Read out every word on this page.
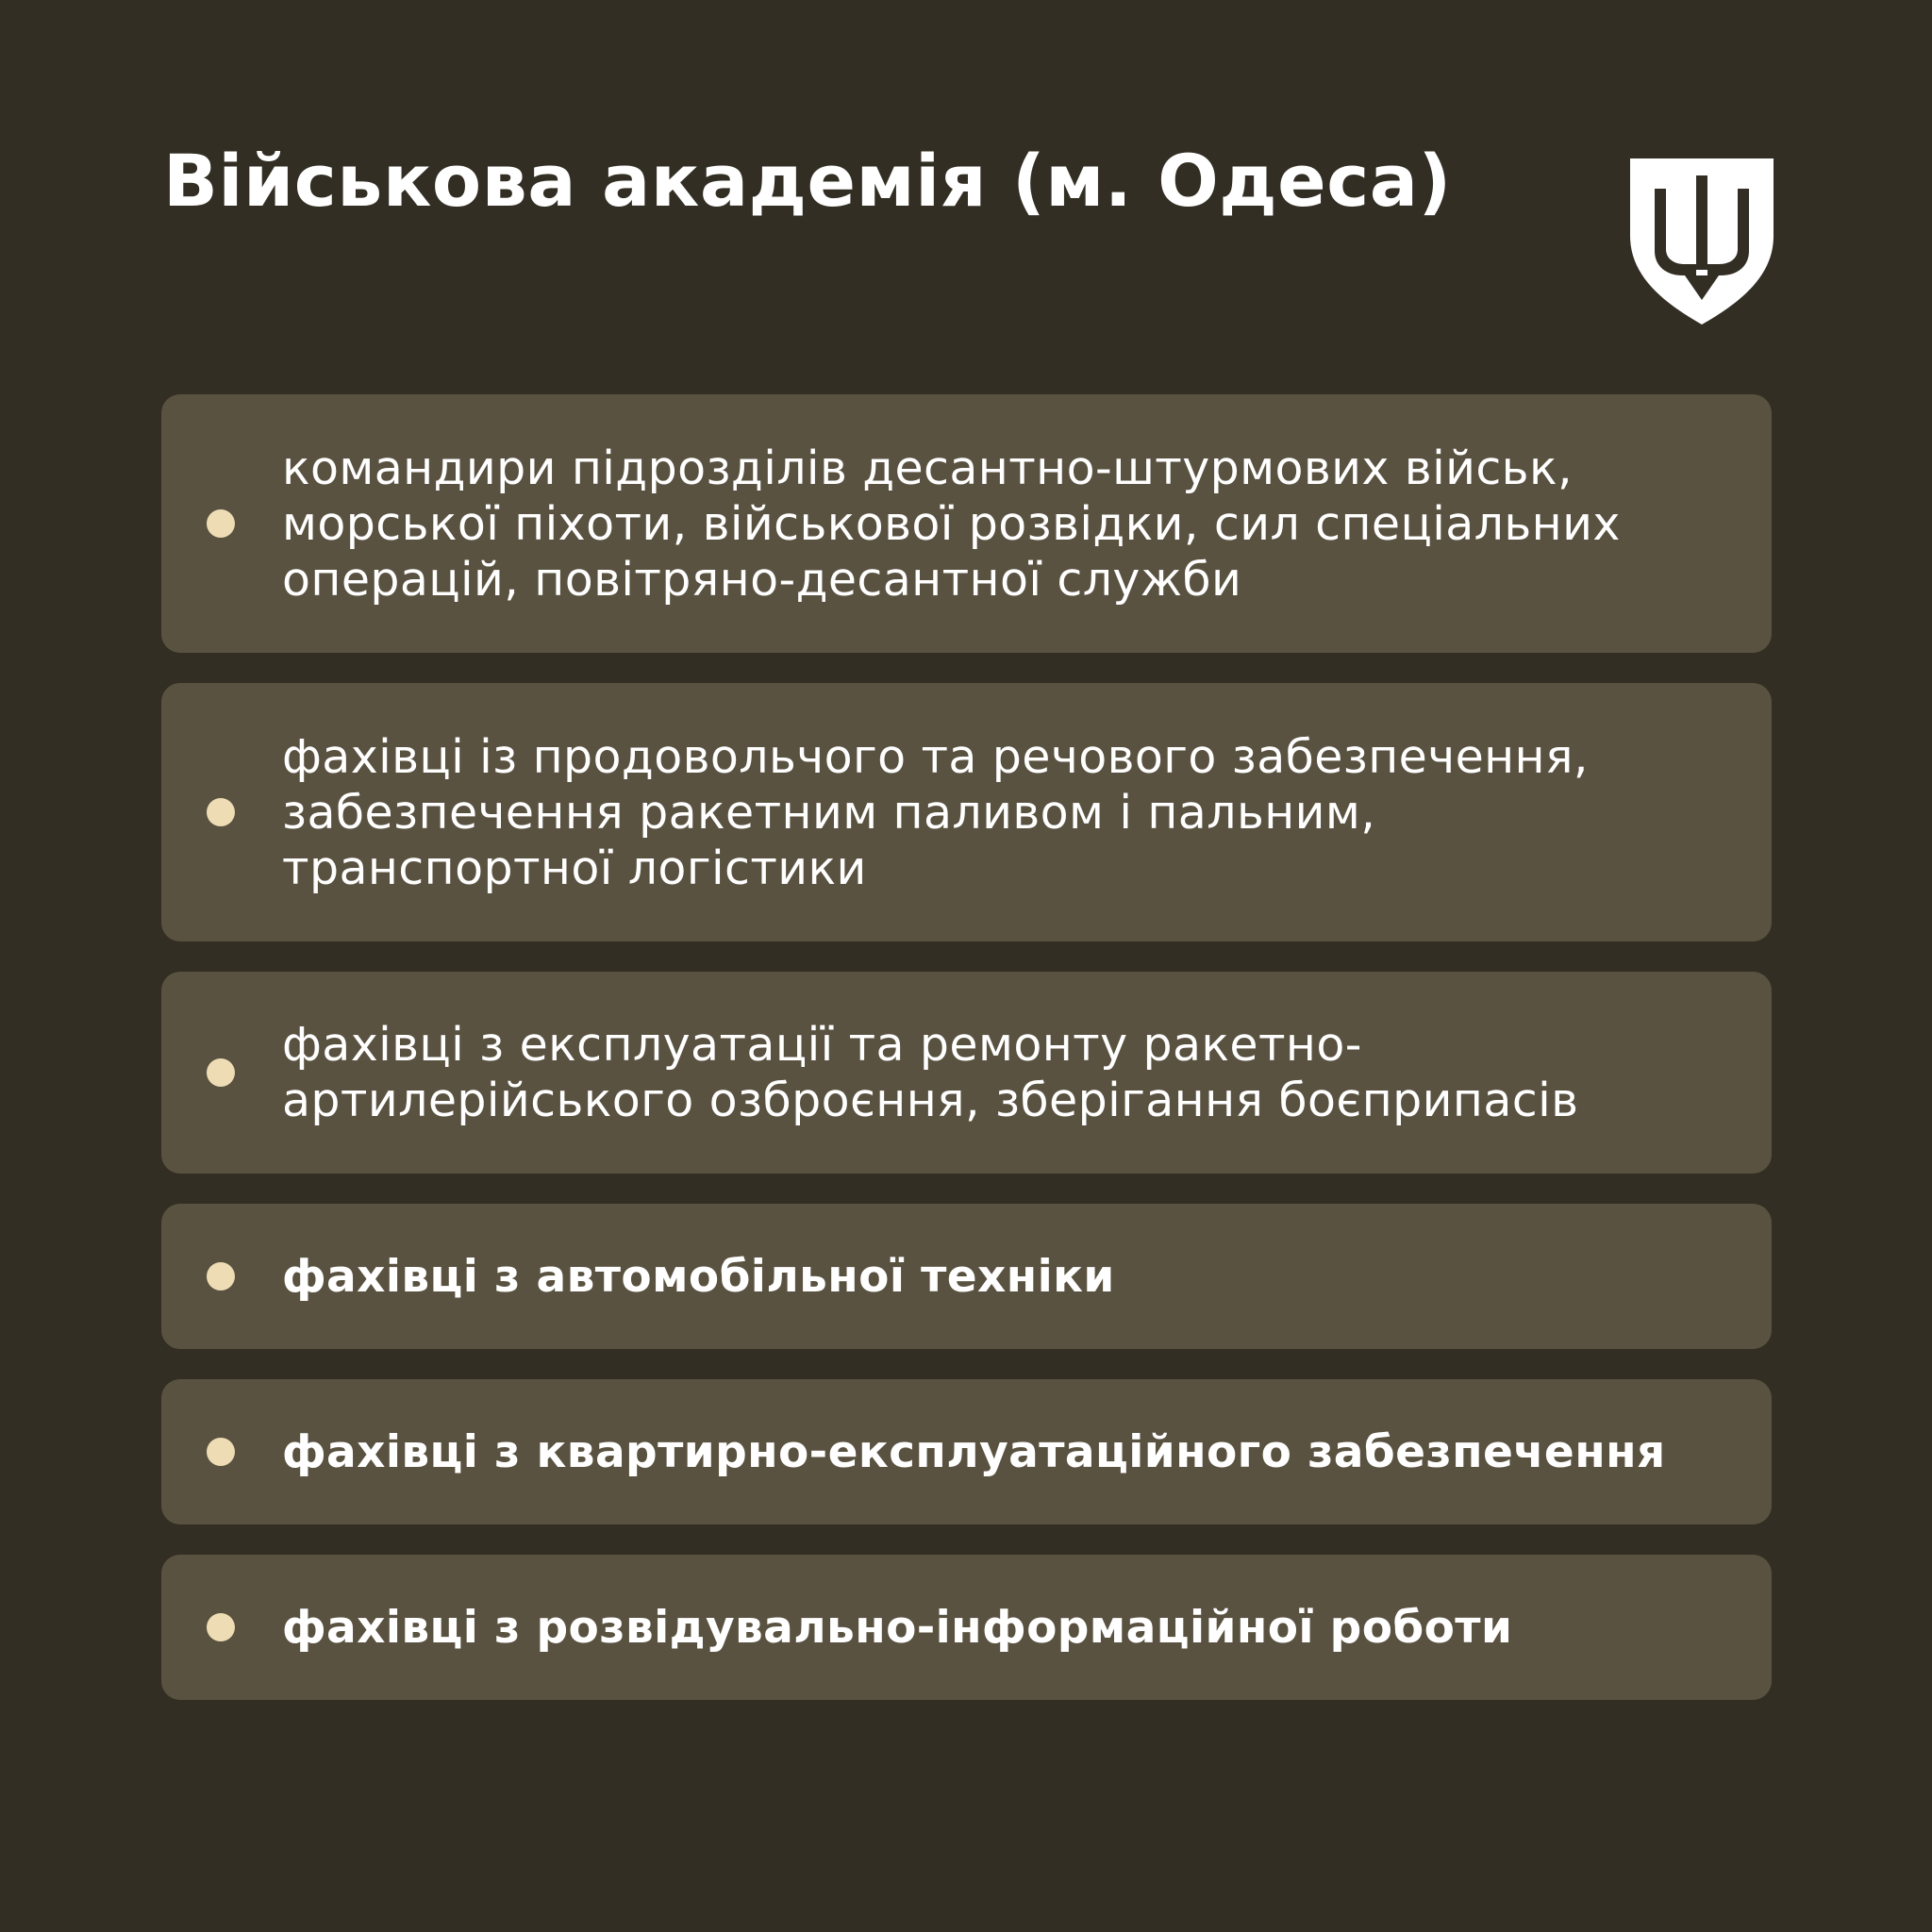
Військова академія (м. Одеса)
командири підрозділів десантно-штурмових військ,
морської піхоти, військової розвідки, сил спеціальних
операцій, повітряно-десантної служби
фахівці із продовольчого та речового забезпечення,
забезпечення ракетним паливом і пальним,
транспортної логістики
фахівці з експлуатації та ремонту ракетно-
артилерійського озброєння, зберігання боєприпасів
фахівці з автомобільної техніки
фахівці з квартирно-експлуатаційного забезпечення
фахівці з розвідувально-інформаційної роботи
